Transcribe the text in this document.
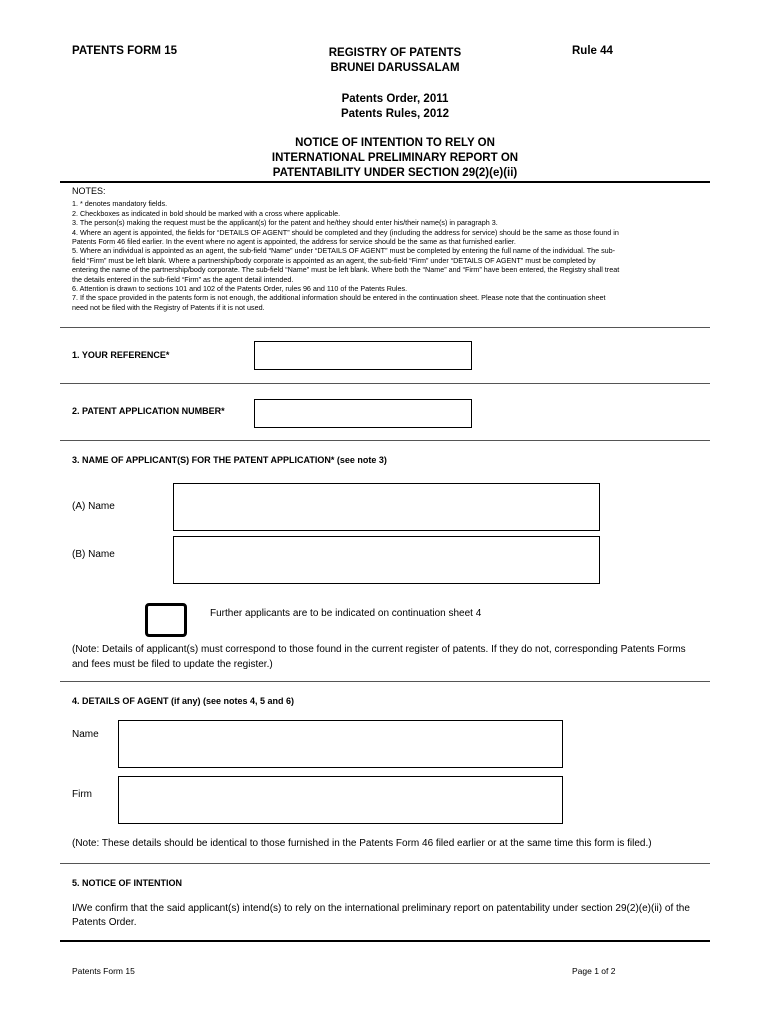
PATENTS FORM 15	REGISTRY OF PATENTS
BRUNEI DARUSSALAM
Rule 44
Patents Order, 2011
Patents Rules, 2012
NOTICE OF INTENTION TO RELY ON
INTERNATIONAL PRELIMINARY REPORT ON
PATENTABILITY UNDER SECTION 29(2)(e)(ii)
NOTES:
1. * denotes mandatory fields.
2. Checkboxes as indicated in bold should be marked with a cross where applicable.
3. The person(s) making the request must be the applicant(s) for the patent and he/they should enter his/their name(s) in paragraph 3.
4. Where an agent is appointed, the fields for “DETAILS OF AGENT” should be completed and they (including the address for service) should be the same as those found in
Patents Form 46 filed earlier. In the event where no agent is appointed, the address for service should be the same as that furnished earlier.
5. Where an individual is appointed as an agent, the sub-field “Name” under “DETAILS OF AGENT” must be completed by entering the full name of the individual. The sub-
field “Firm” must be left blank. Where a partnership/body corporate is appointed as an agent, the sub-field “Firm” under “DETAILS OF AGENT” must be completed by
entering the name of the partnership/body corporate. The sub-field “Name” must be left blank. Where both the “Name” and “Firm” have been entered, the Registry shall treat
the details entered in the sub-field “Firm” as the agent detail intended.
6. Attention is drawn to sections 101 and 102 of the Patents Order, rules 96 and 110 of the Patents Rules.
7. If the space provided in the patents form is not enough, the additional information should be entered in the continuation sheet. Please note that the continuation sheet
need not be filed with the Registry of Patents if it is not used.
1. YOUR REFERENCE*
2. PATENT APPLICATION NUMBER*
3. NAME OF APPLICANT(S) FOR THE PATENT APPLICATION* (see note 3)
(A) Name
(B) Name
Further applicants are to be indicated on continuation sheet 4
(Note: Details of applicant(s) must correspond to those found in the current register of patents. If they do not, corresponding Patents Forms
and fees must be filed to update the register.)
4. DETAILS OF AGENT (if any) (see notes 4, 5 and 6)
Name
Firm
(Note: These details should be identical to those furnished in the Patents Form 46 filed earlier or at the same time this form is filed.)
5. NOTICE OF INTENTION
I/We confirm that the said applicant(s) intend(s) to rely on the international preliminary report on patentability under section 29(2)(e)(ii) of the
Patents Order.
Patents Form 15	Page 1 of 2
